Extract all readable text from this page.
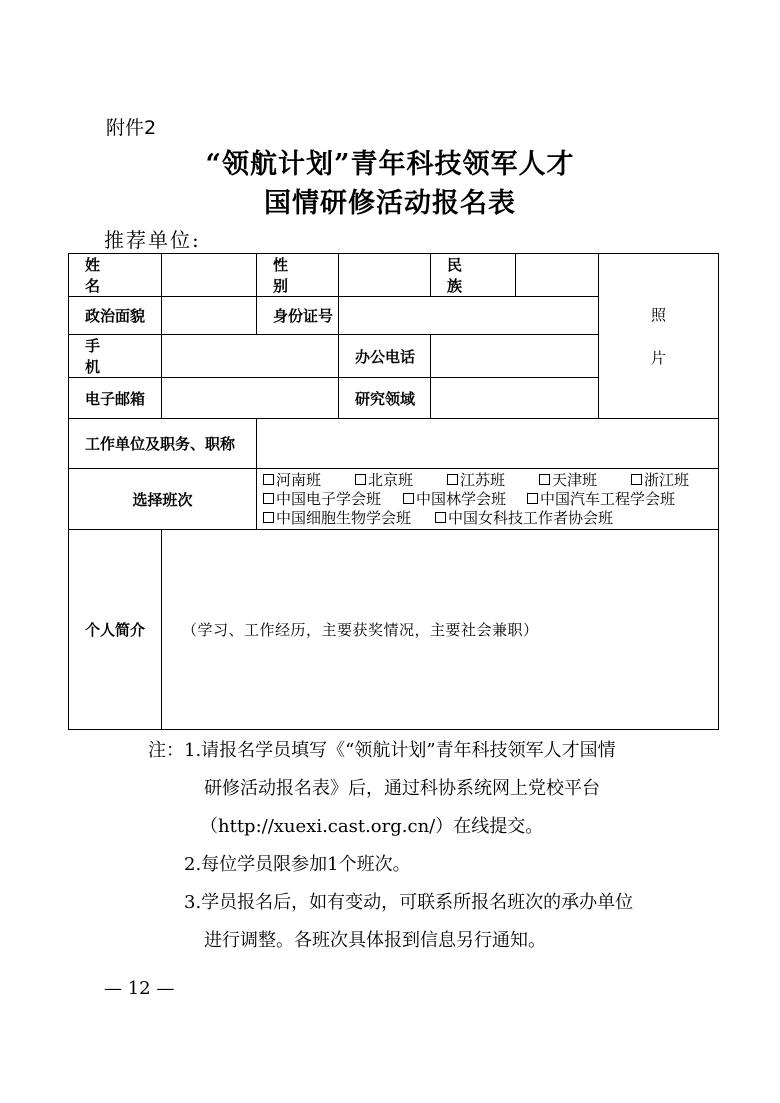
附件2
“领航计划”青年科技领军人才
国情研修活动报名表
推荐单位:
姓名		性别		民族		照
片

政治面貌		身份证号				
手机			办公电话			
电子邮箱			研究领域			
工作单位及职务、职称						
选择班次		河南班 北京班 江苏班 天津班 浙江班
中国电子学会班 中国林学会班 中国汽车工程学会班
中国细胞生物学会班 中国女科技工作者协会班				

个人简介	（学习、工作经历，主要获奖情况，主要社会兼职）					
注：1.请报名学员填写《“领航计划”青年科技领军人才国情
研修活动报名表》后，通过科协系统网上党校平台
（http://xuexi.cast.org.cn/）在线提交。
2.每位学员限参加1个班次。
3.学员报名后，如有变动，可联系所报名班次的承办单位
进行调整。各班次具体报到信息另行通知。
— 12 —
